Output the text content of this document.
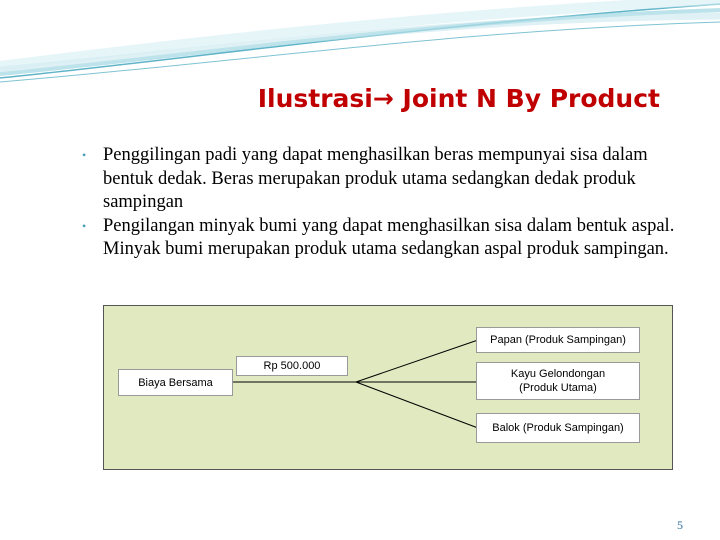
Ilustrasi→ Joint N By Product
• Penggilingan padi yang dapat menghasilkan beras mempunyai sisa dalam bentuk dedak. Beras merupakan produk utama sedangkan dedak produk sampingan
• Pengilangan minyak bumi yang dapat menghasilkan sisa dalam bentuk aspal. Minyak bumi merupakan produk utama sedangkan aspal produk sampingan.
Biaya Bersama
Rp 500.000
Papan (Produk Sampingan)
Kayu Gelondongan (Produk Utama)
Balok (Produk Sampingan)
5
